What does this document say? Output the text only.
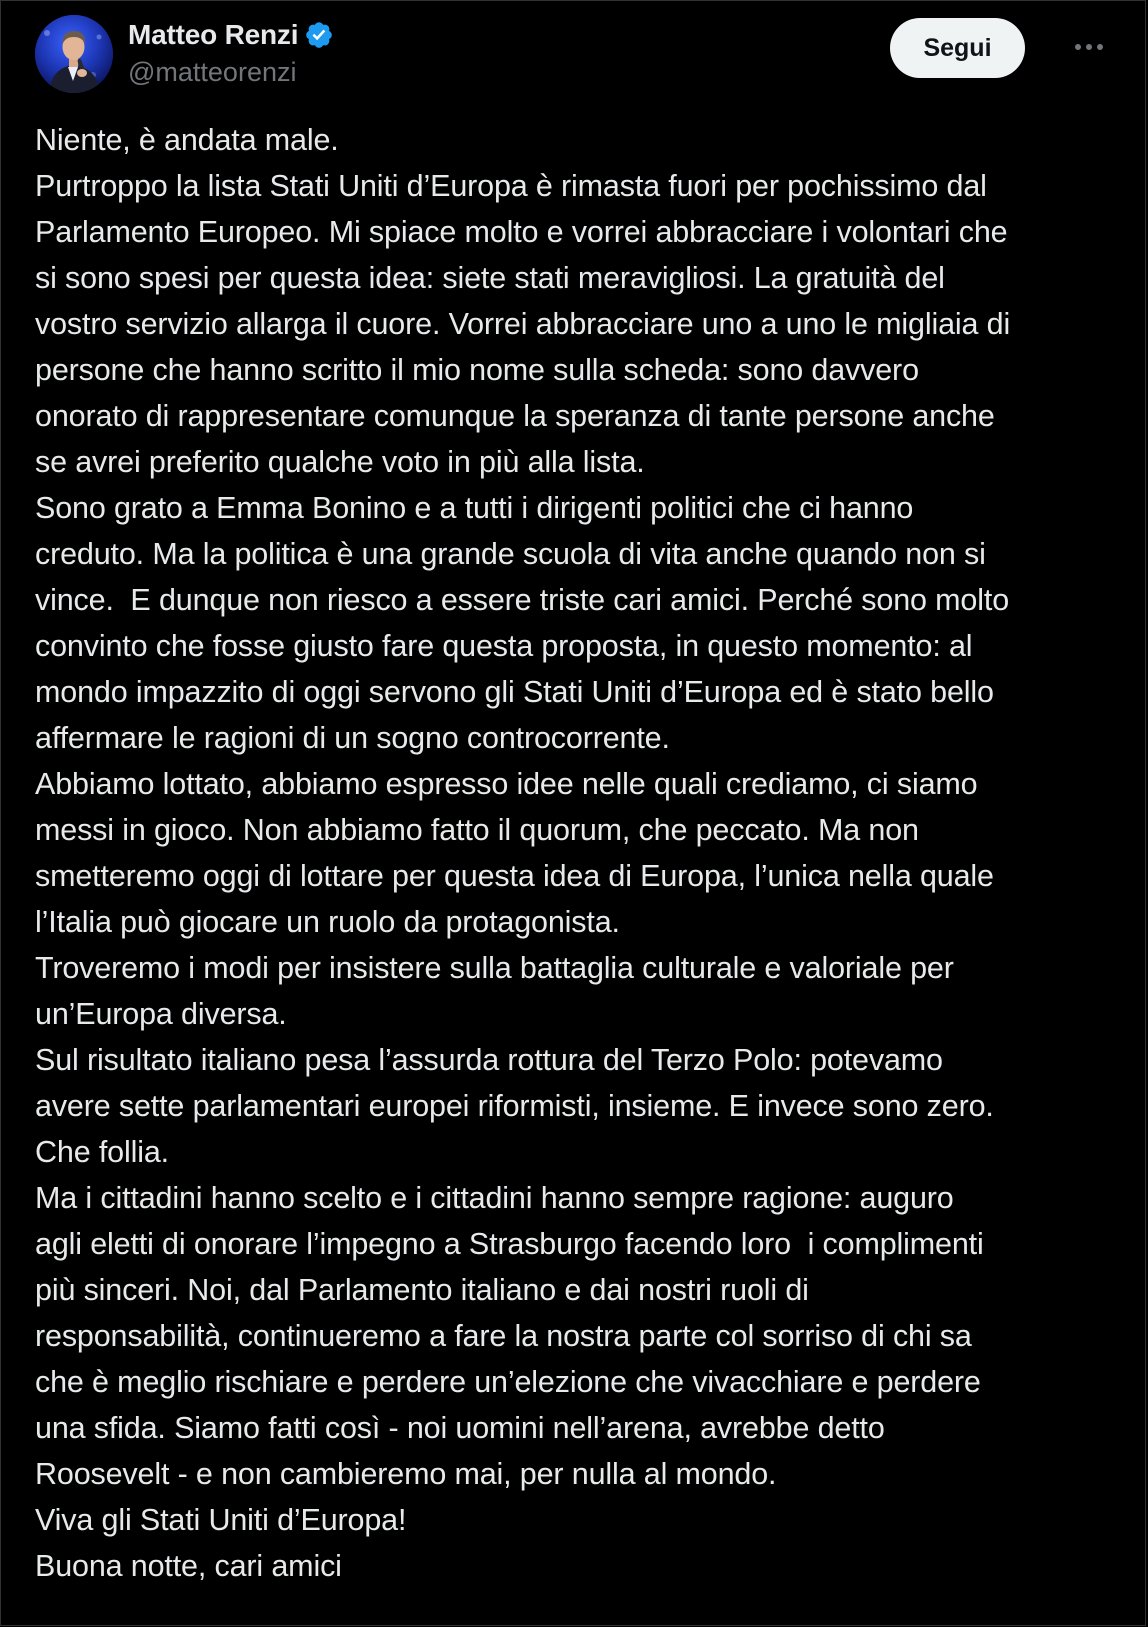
Matteo Renzi
@matteorenzi
Segui
Niente, è andata male.
Purtroppo la lista Stati Uniti d’Europa è rimasta fuori per pochissimo dal
Parlamento Europeo. Mi spiace molto e vorrei abbracciare i volontari che
si sono spesi per questa idea: siete stati meravigliosi. La gratuità del
vostro servizio allarga il cuore. Vorrei abbracciare uno a uno le migliaia di
persone che hanno scritto il mio nome sulla scheda: sono davvero
onorato di rappresentare comunque la speranza di tante persone anche
se avrei preferito qualche voto in più alla lista.
Sono grato a Emma Bonino e a tutti i dirigenti politici che ci hanno
creduto. Ma la politica è una grande scuola di vita anche quando non si
vince.  E dunque non riesco a essere triste cari amici. Perché sono molto
convinto che fosse giusto fare questa proposta, in questo momento: al
mondo impazzito di oggi servono gli Stati Uniti d’Europa ed è stato bello
affermare le ragioni di un sogno controcorrente.
Abbiamo lottato, abbiamo espresso idee nelle quali crediamo, ci siamo
messi in gioco. Non abbiamo fatto il quorum, che peccato. Ma non
smetteremo oggi di lottare per questa idea di Europa, l’unica nella quale
l’Italia può giocare un ruolo da protagonista.
Troveremo i modi per insistere sulla battaglia culturale e valoriale per
un’Europa diversa.
Sul risultato italiano pesa l’assurda rottura del Terzo Polo: potevamo
avere sette parlamentari europei riformisti, insieme. E invece sono zero.
Che follia.
Ma i cittadini hanno scelto e i cittadini hanno sempre ragione: auguro
agli eletti di onorare l’impegno a Strasburgo facendo loro  i complimenti
più sinceri. Noi, dal Parlamento italiano e dai nostri ruoli di
responsabilità, continueremo a fare la nostra parte col sorriso di chi sa
che è meglio rischiare e perdere un’elezione che vivacchiare e perdere
una sfida. Siamo fatti così - noi uomini nell’arena, avrebbe detto
Roosevelt - e non cambieremo mai, per nulla al mondo.
Viva gli Stati Uniti d’Europa!
Buona notte, cari amici
